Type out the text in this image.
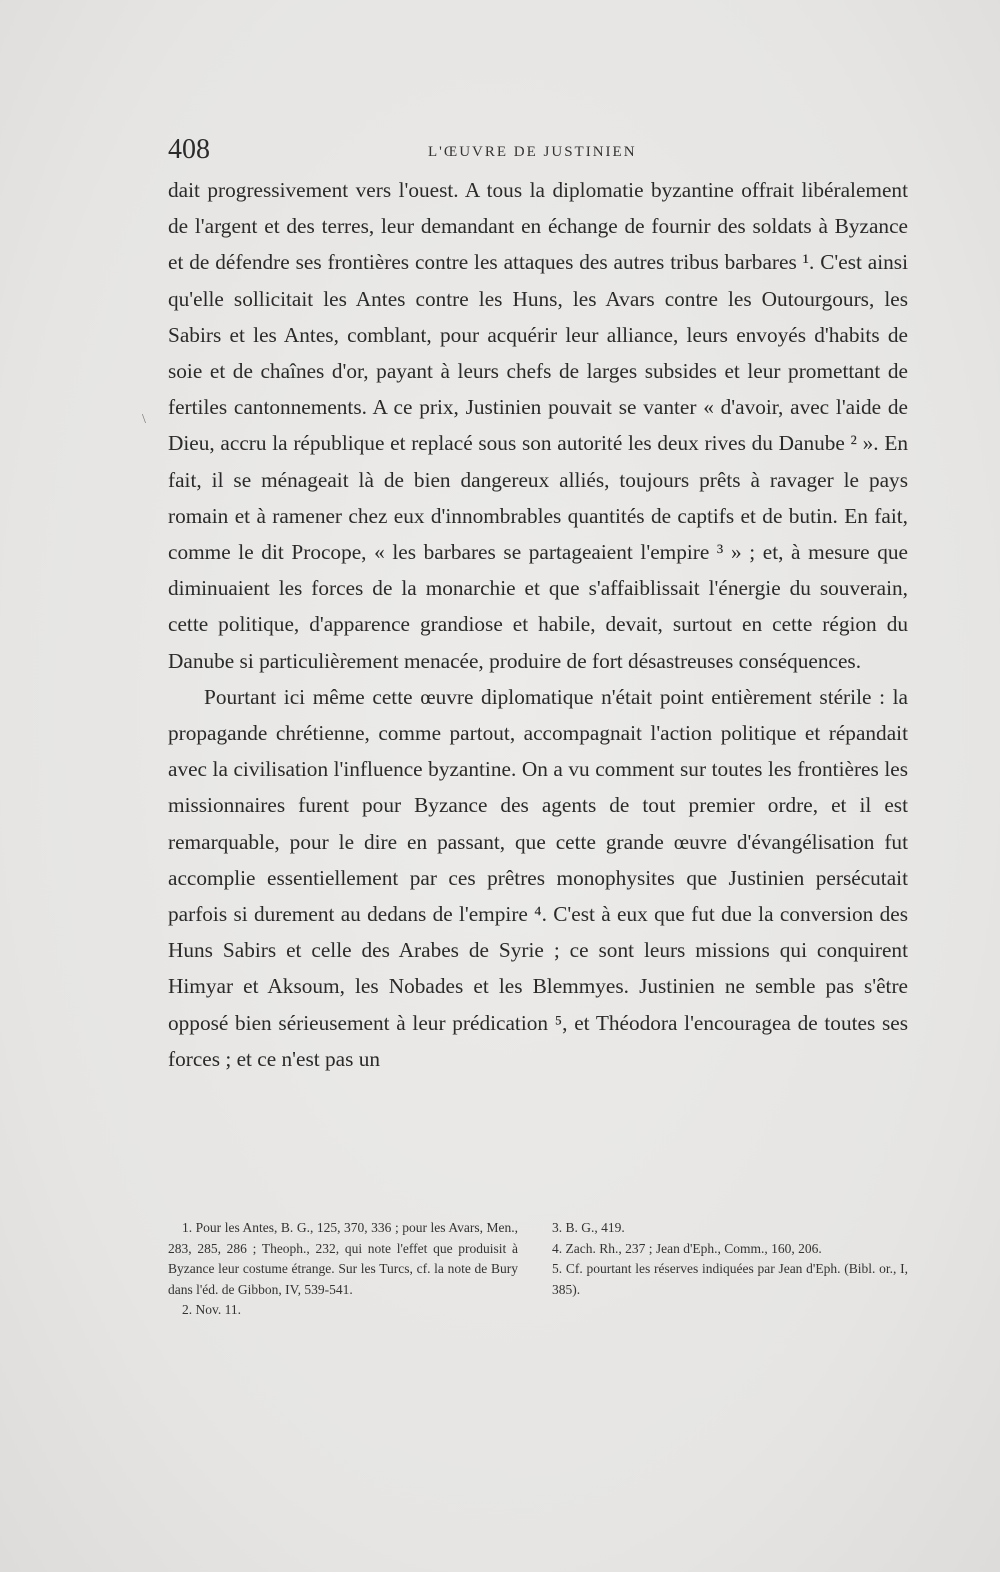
408	L'ŒUVRE DE JUSTINIEN

dait progressivement vers l'ouest. A tous la diplomatie byzantine offrait libéralement de l'argent et des terres, leur demandant en échange de fournir des soldats à Byzance et de défendre ses frontières contre les attaques des autres tribus barbares ¹. C'est ainsi qu'elle sollicitait les Antes contre les Huns, les Avars contre les Outourgours, les Sabirs et les Antes, comblant, pour acquérir leur alliance, leurs envoyés d'habits de soie et de chaînes d'or, payant à leurs chefs de larges subsides et leur promettant de fertiles cantonnements. A ce prix, Justinien pouvait se vanter « d'avoir, avec l'aide de Dieu, accru la république et replacé sous son autorité les deux rives du Danube ² ». En fait, il se ménageait là de bien dangereux alliés, toujours prêts à ravager le pays romain et à ramener chez eux d'innombrables quantités de captifs et de butin. En fait, comme le dit Procope, « les barbares se partageaient l'empire ³ » ; et, à mesure que diminuaient les forces de la monarchie et que s'affaiblissait l'énergie du souverain, cette politique, d'apparence grandiose et habile, devait, surtout en cette région du Danube si particulièrement menacée, produire de fort désastreuses conséquences.

Pourtant ici même cette œuvre diplomatique n'était point entièrement stérile : la propagande chrétienne, comme partout, accompagnait l'action politique et répandait avec la civilisation l'influence byzantine. On a vu comment sur toutes les frontières les missionnaires furent pour Byzance des agents de tout premier ordre, et il est remarquable, pour le dire en passant, que cette grande œuvre d'évangélisation fut accomplie essentiellement par ces prêtres monophysites que Justinien persécutait parfois si durement au dedans de l'empire ⁴. C'est à eux que fut due la conversion des Huns Sabirs et celle des Arabes de Syrie ; ce sont leurs missions qui conquirent Himyar et Aksoum, les Nobades et les Blemmyes. Justinien ne semble pas s'être opposé bien sérieusement à leur prédication ⁵, et Théodora l'encouragea de toutes ses forces ; et ce n'est pas un

1. Pour les Antes, B. G., 125, 370, 336 ; pour les Avars, Men., 283, 285, 286 ; Theoph., 232, qui note l'effet que produisit à Byzance leur costume étrange. Sur les Turcs, cf. la note de Bury dans l'éd. de Gibbon, IV, 539-541.
2. Nov. 11.
3. B. G., 419.
4. Zach. Rh., 237 ; Jean d'Eph., Comm., 160, 206.
5. Cf. pourtant les réserves indiquées par Jean d'Eph. (Bibl. or., I, 385).
\
